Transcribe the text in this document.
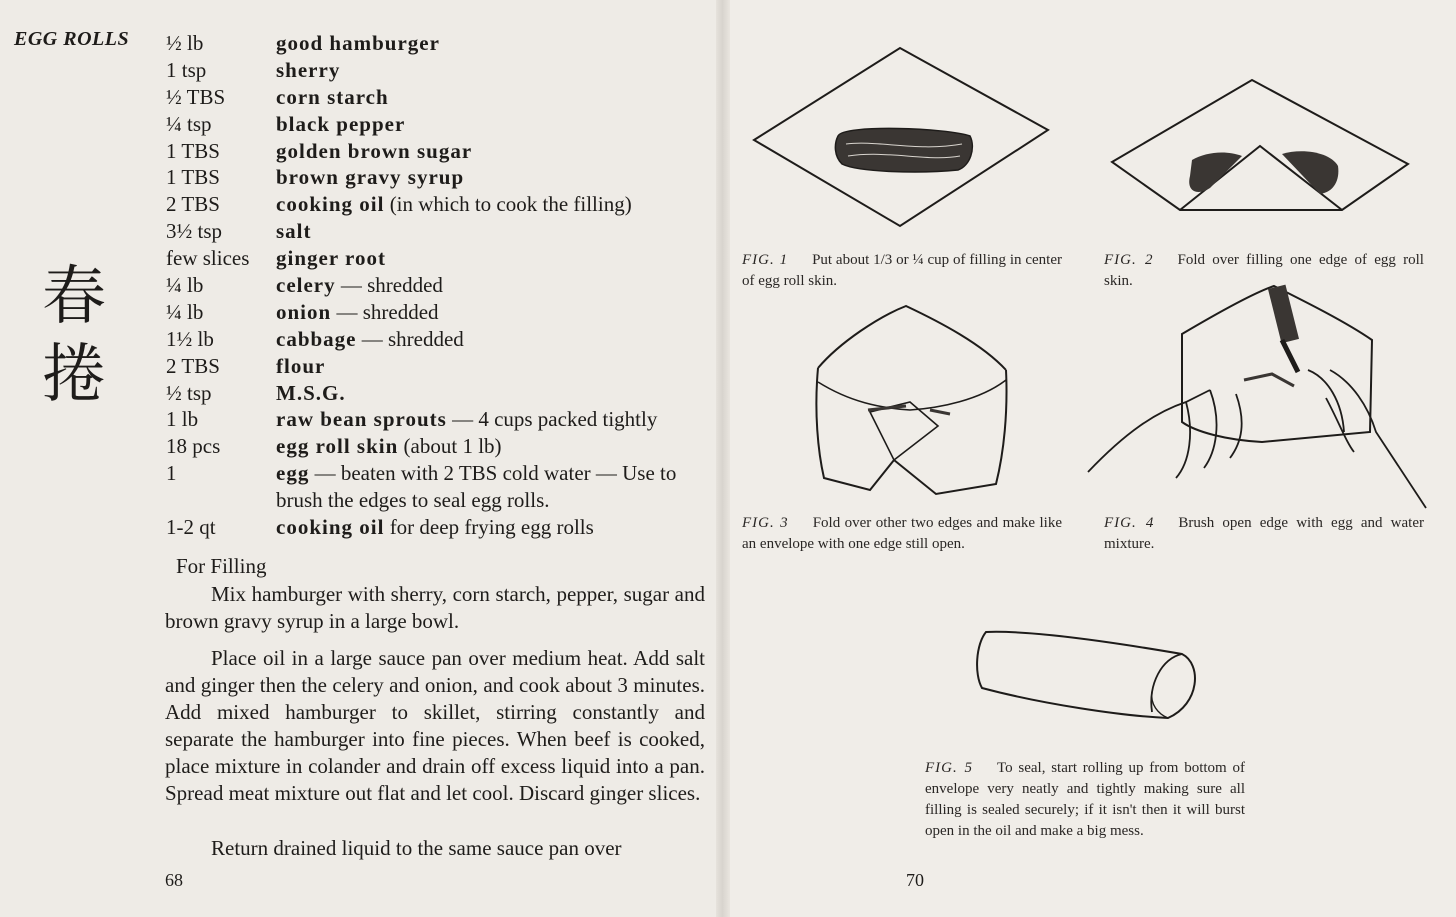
EGG ROLLS
春
捲
½ lb	good hamburger
1 tsp	sherry
½ TBS	corn starch
¼ tsp	black pepper
1 TBS	golden brown sugar
1 TBS	brown gravy syrup
2 TBS	cooking oil (in which to cook the filling)
3½ tsp	salt
few slices	ginger root
¼ lb	celery — shredded
¼ lb	onion — shredded
1½ lb	cabbage — shredded
2 TBS	flour
½ tsp	M.S.G.
1 lb	raw bean sprouts — 4 cups packed tightly
18 pcs	egg roll skin (about 1 lb)
1	egg — beaten with 2 TBS cold water — Use to brush the edges to seal egg rolls.
1-2 qt	cooking oil for deep frying egg rolls
For Filling
Mix hamburger with sherry, corn starch, pepper, sugar and brown gravy syrup in a large bowl.
Place oil in a large sauce pan over medium heat. Add salt and ginger then the celery and onion, and cook about 3 minutes. Add mixed hamburger to skillet, stirring constantly and separate the hamburger into fine pieces. When beef is cooked, place mixture in colander and drain off excess liquid into a pan. Spread meat mixture out flat and let cool. Discard ginger slices.
Return drained liquid to the same sauce pan over
68
FIG. 1 Put about 1/3 or ¼ cup of filling in center of egg roll skin.
FIG. 2 Fold over filling one edge of egg roll skin.
FIG. 3 Fold over other two edges and make like an envelope with one edge still open.
FIG. 4 Brush open edge with egg and water mixture.
FIG. 5 To seal, start rolling up from bottom of envelope very neatly and tightly making sure all filling is sealed securely; if it isn't then it will burst open in the oil and make a big mess.
70
